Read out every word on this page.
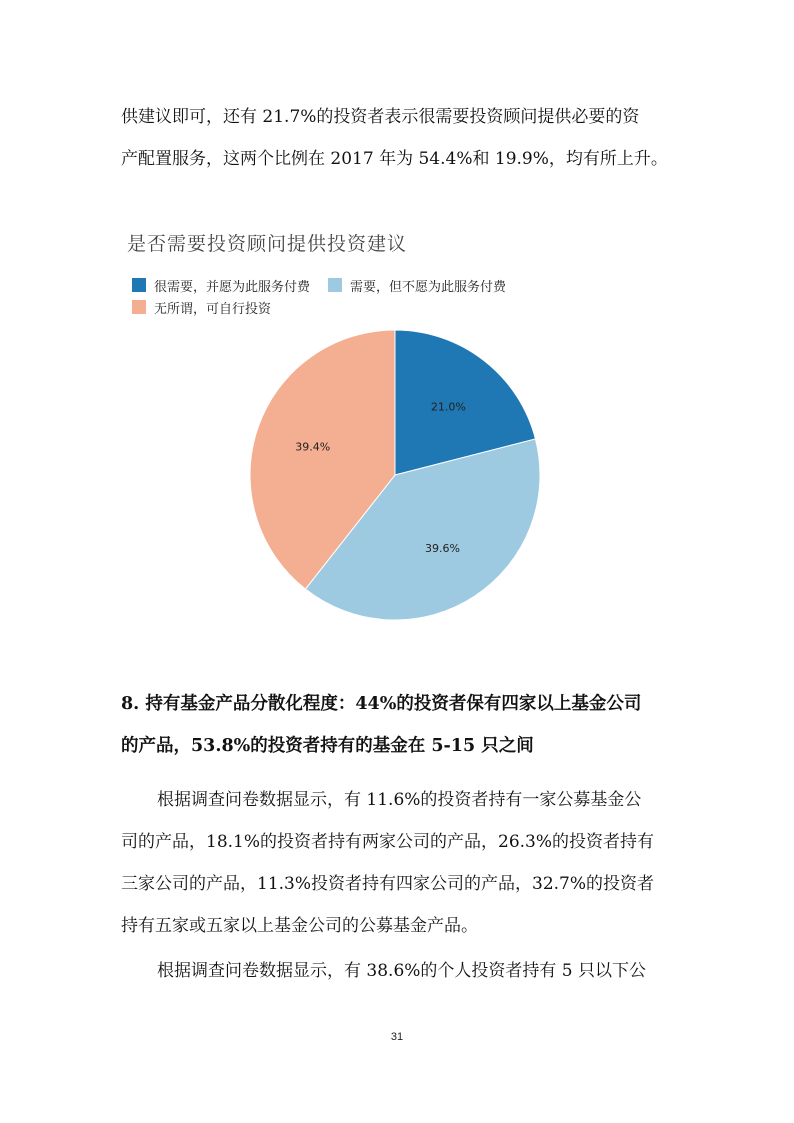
供建议即可，还有 21.7%的投资者表示很需要投资顾问提供必要的资
产配置服务，这两个比例在 2017 年为 54.4%和 19.9%，均有所上升。
是否需要投资顾问提供投资建议
很需要，并愿为此服务付费	需要，但不愿为此服务付费
无所谓，可自行投资
21.0%
39.6%
39.4%
8. 持有基金产品分散化程度：44%的投资者保有四家以上基金公司
的产品，53.8%的投资者持有的基金在 5-15 只之间
根据调查问卷数据显示，有 11.6%的投资者持有一家公募基金公
司的产品，18.1%的投资者持有两家公司的产品，26.3%的投资者持有
三家公司的产品，11.3%投资者持有四家公司的产品，32.7%的投资者
持有五家或五家以上基金公司的公募基金产品。
根据调查问卷数据显示，有 38.6%的个人投资者持有 5 只以下公
31
